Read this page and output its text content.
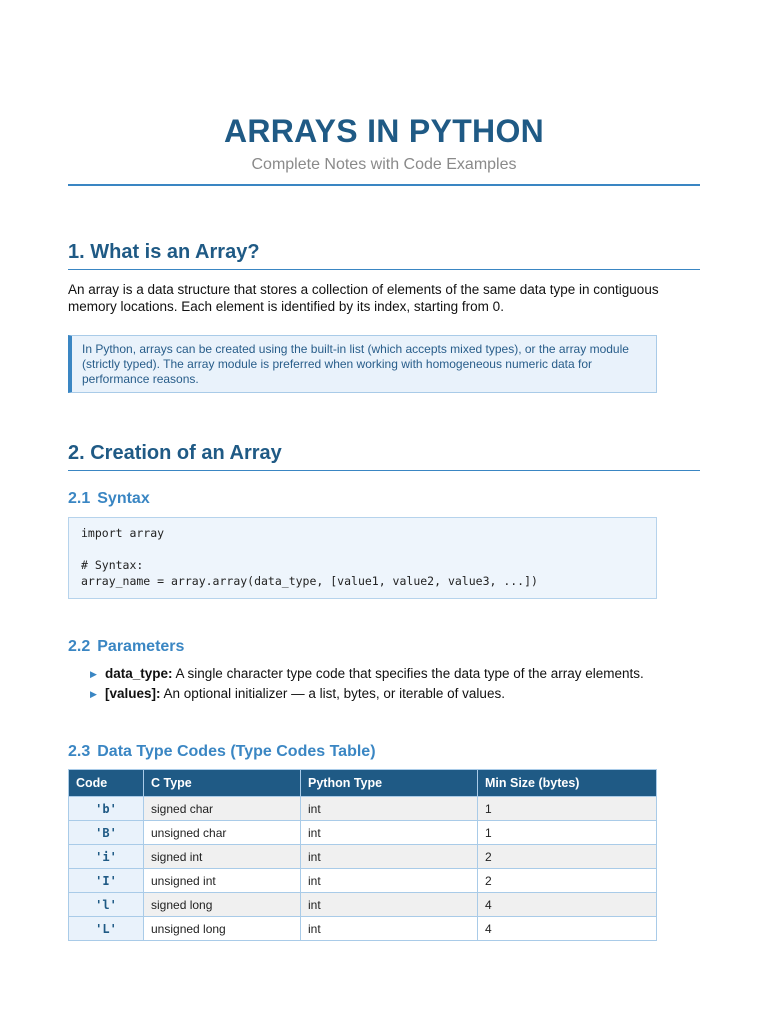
ARRAYS IN PYTHON
Complete Notes with Code Examples
1. What is an Array?
An array is a data structure that stores a collection of elements of the same data type in contiguous memory locations. Each element is identified by its index, starting from 0.
In Python, arrays can be created using the built-in list (which accepts mixed types), or the array module (strictly typed). The array module is preferred when working with homogeneous numeric data for performance reasons.
2. Creation of an Array
2.1 Syntax
import array
# Syntax:
array_name = array.array(data_type, [value1, value2, value3, ...])
2.2 Parameters
▶ data_type: A single character type code that specifies the data type of the array elements.
▶ [values]: An optional initializer — a list, bytes, or iterable of values.
2.3 Data Type Codes (Type Codes Table)
Code	C Type	Python Type	Min Size (bytes)
'b'	signed char	int	1
'B'	unsigned char	int	1
'i'	signed int	int	2
'I'	unsigned int	int	2
'l'	signed long	int	4
'L'	unsigned long	int	4
